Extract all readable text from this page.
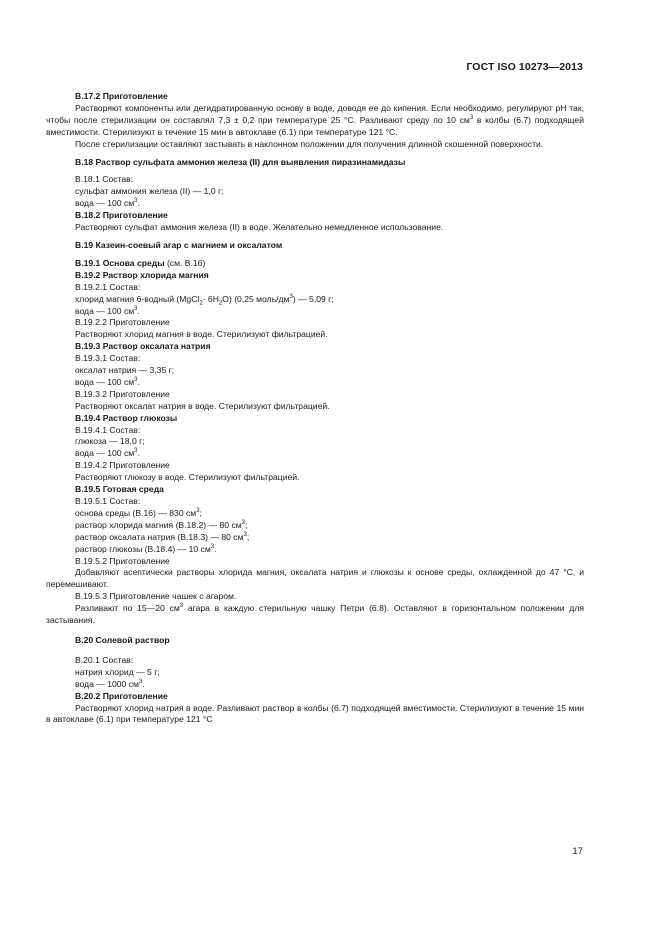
ГОСТ ISO 10273—2013

В.17.2 Приготовление

Растворяют компоненты или дегидратированную основу в воде, доводя ее до кипения. Если необходимо, регулируют рН так, чтобы после стерилизации он составлял 7,3 ± 0,2 при температуре 25 °С. Разливают среду по 10 $см^3$ в колбы (6.7) подходящей вместимости. Стерилизуют в течение 15 мин в автоклаве (6.1) при температуре 121 °С.

После стерилизации оставляют застывать в наклонном положении для получения длинной скошенной поверхности.

В.18 Раствор сульфата аммония железа (II) для выявления пиразинамидазы

В.18.1 Состав:

сульфат аммония железа (II) — 1,0 г;

вода — 100 $см^3$.

В.18.2 Приготовление

Растворяют сульфат аммония железа (II) в воде. Желательно немедленное использование.

В.19 Казеин-соевый агар с магнием и оксалатом

В.19.1 Основа среды (см. В.16)

В.19.2 Раствор хлорида магния

В.19.2.1 Состав:

хлорид магния 6-водный (MgCl$_2$· $6H_2O$) (0,25 моль/$дм^3$) — 5,09 г;

вода — 100 $см^3$.

В.19.2.2 Приготовление

Растворяют хлорид магния в воде. Стерилизуют фильтрацией.

В.19.3 Раствор оксалата натрия

В.19.3.1 Состав:

оксалат натрия — 3,35 г;

вода — 100 $см^3$.

В.19.3.2 Приготовление

Растворяют оксалат натрия в воде. Стерилизуют фильтрацией.

В.19.4 Раствор глюкозы

В.19.4.1 Состав:

глюкоза — 18,0 г;

вода — 100 $см^3$.

В.19.4.2 Приготовление

Растворяют глюкозу в воде. Стерилизуют фильтрацией.

В.19.5 Готовая среда

В.19.5.1 Состав:

основа среды (В.16) — 830 $см^3$;

раствор хлорида магния (В.18.2) — 80 $см^3$;

раствор оксалата натрия (В.18.3) — 80 $см^3$;

раствор глюкозы (В.18.4) — 10 $см^3$.

В.19.5.2 Приготовление

Добавляют асептически растворы хлорида магния, оксалата натрия и глюкозы к основе среды, охлажденной до 47 °С, и перемешивают.

В.19.5.3 Приготовление чашек с агаром.

Разливают по 15—20 $см^3$ агара в каждую стерильную чашку Петри (6.8). Оставляют в горизонтальном положении для застывания.

В.20 Солевой раствор

В.20.1 Состав:

натрия хлорид — 5 г;

вода — 1000 $см^3$.

В.20.2 Приготовление

Растворяют хлорид натрия в воде. Разливают раствор в колбы (6.7) подходящей вместимости. Стерилизуют в течение 15 мин в автоклаве (6.1) при температуре 121 °С

17
